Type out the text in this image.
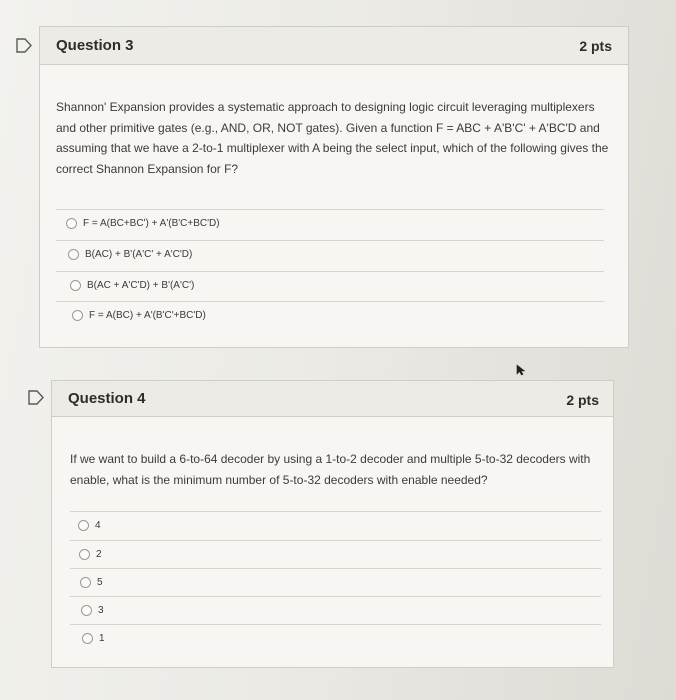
Question 3	2 pts
Shannon' Expansion provides a systematic approach to designing logic circuit leveraging multiplexers and other primitive gates (e.g., AND, OR, NOT gates). Given a function F = ABC + A'B'C' + A'BC'D and assuming that we have a 2-to-1 multiplexer with A being the select input, which of the following gives the correct Shannon Expansion for F?
F = A(BC+BC') + A'(B'C+BC'D)
B(AC) + B'(A'C' + A'C'D)
B(AC + A'C'D) + B'(A'C')
F = A(BC) + A'(B'C'+BC'D)
Question 4	2 pts
If we want to build a 6-to-64 decoder by using a 1-to-2 decoder and multiple 5-to-32 decoders with enable, what is the minimum number of 5-to-32 decoders with enable needed?
4
2
5
3
1
